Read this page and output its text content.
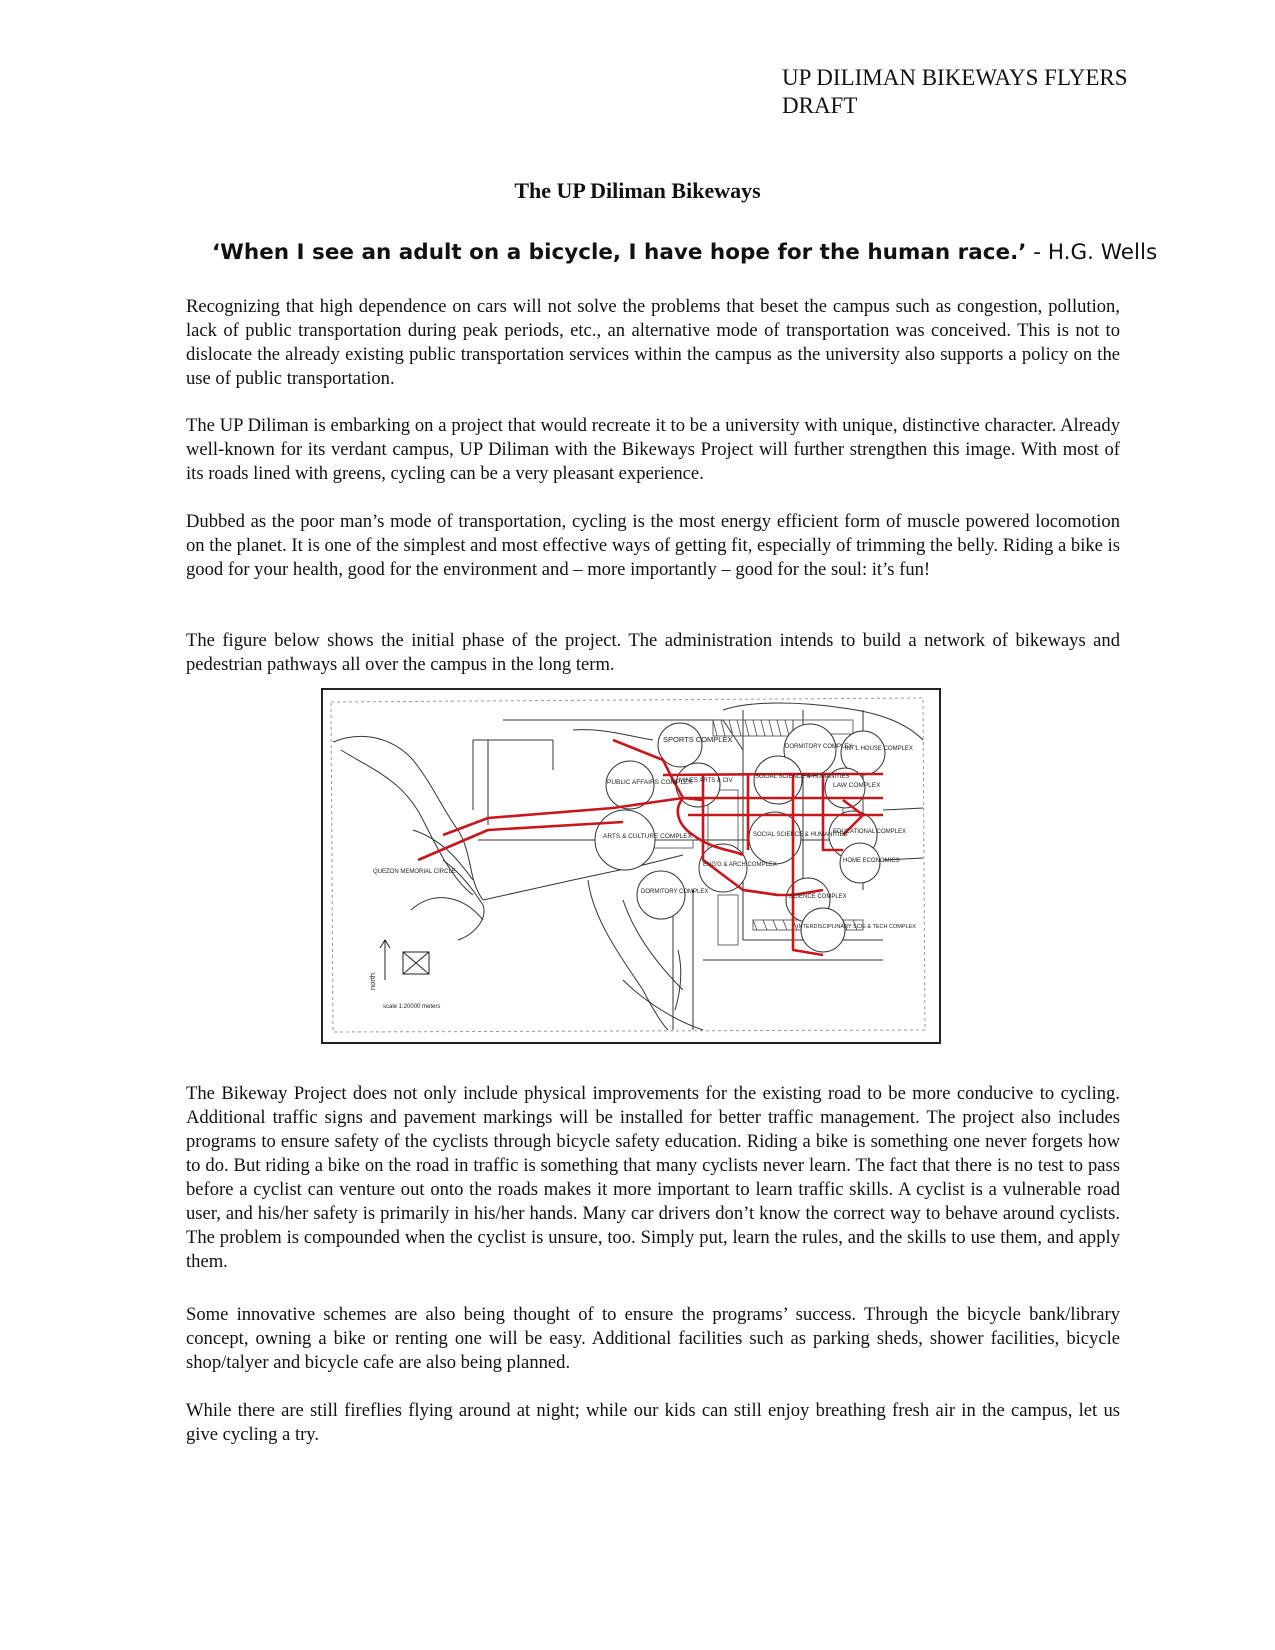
UP DILIMAN BIKEWAYS FLYERS
DRAFT
The UP Diliman Bikeways
‘When I see an adult on a bicycle, I have hope for the human race.’ - H.G. Wells

Recognizing that high dependence on cars will not solve the problems that beset the campus such as congestion, pollution, lack of public transportation during peak periods, etc., an alternative mode of transportation was conceived. This is not to dislocate the already existing public transportation services within the campus as the university also supports a policy on the use of public transportation.

The UP Diliman is embarking on a project that would recreate it to be a university with unique, distinctive character. Already well-known for its verdant campus, UP Diliman with the Bikeways Project will further strengthen this image. With most of its roads lined with greens, cycling can be a very pleasant experience.

Dubbed as the poor man’s mode of transportation, cycling is the most energy efficient form of muscle powered locomotion on the planet. It is one of the simplest and most effective ways of getting fit, especially of trimming the belly. Riding a bike is good for your health, good for the environment and – more importantly – good for the soul: it’s fun!

The figure below shows the initial phase of the project. The administration intends to build a network of bikeways and pedestrian pathways all over the campus in the long term.

SPORTS COMPLEX
DORMITORY COMPLEX
INT'L HOUSE COMPLEX
PUBLIC AFFAIRS COMPLEX
MINES ARTS & CIV
SOCIAL SCIENCE & HUMANITIES
LAW COMPLEX
ARTS & CULTURE COMPLEX	SOCIAL SCIENCE & HUMANITIES
EDUCATIONAL COMPLEX
ENG'G & ARCH COMPLEX
HOME ECONOMICS
DORMITORY COMPLEX
SCIENCE COMPLEX
INTERDISCIPLINARY SCIE & TECH COMPLEX
QUEZON MEMORIAL CIRCLE
scale 1:20000 meters
north

The Bikeway Project does not only include physical improvements for the existing road to be more conducive to cycling. Additional traffic signs and pavement markings will be installed for better traffic management. The project also includes programs to ensure safety of the cyclists through bicycle safety education. Riding a bike is something one never forgets how to do. But riding a bike on the road in traffic is something that many cyclists never learn. The fact that there is no test to pass before a cyclist can venture out onto the roads makes it more important to learn traffic skills. A cyclist is a vulnerable road user, and his/her safety is primarily in his/her hands. Many car drivers don’t know the correct way to behave around cyclists. The problem is compounded when the cyclist is unsure, too. Simply put, learn the rules, and the skills to use them, and apply them.

Some innovative schemes are also being thought of to ensure the programs’ success. Through the bicycle bank/library concept, owning a bike or renting one will be easy. Additional facilities such as parking sheds, shower facilities, bicycle shop/talyer and bicycle cafe are also being planned.

While there are still fireflies flying around at night; while our kids can still enjoy breathing fresh air in the campus, let us give cycling a try.
